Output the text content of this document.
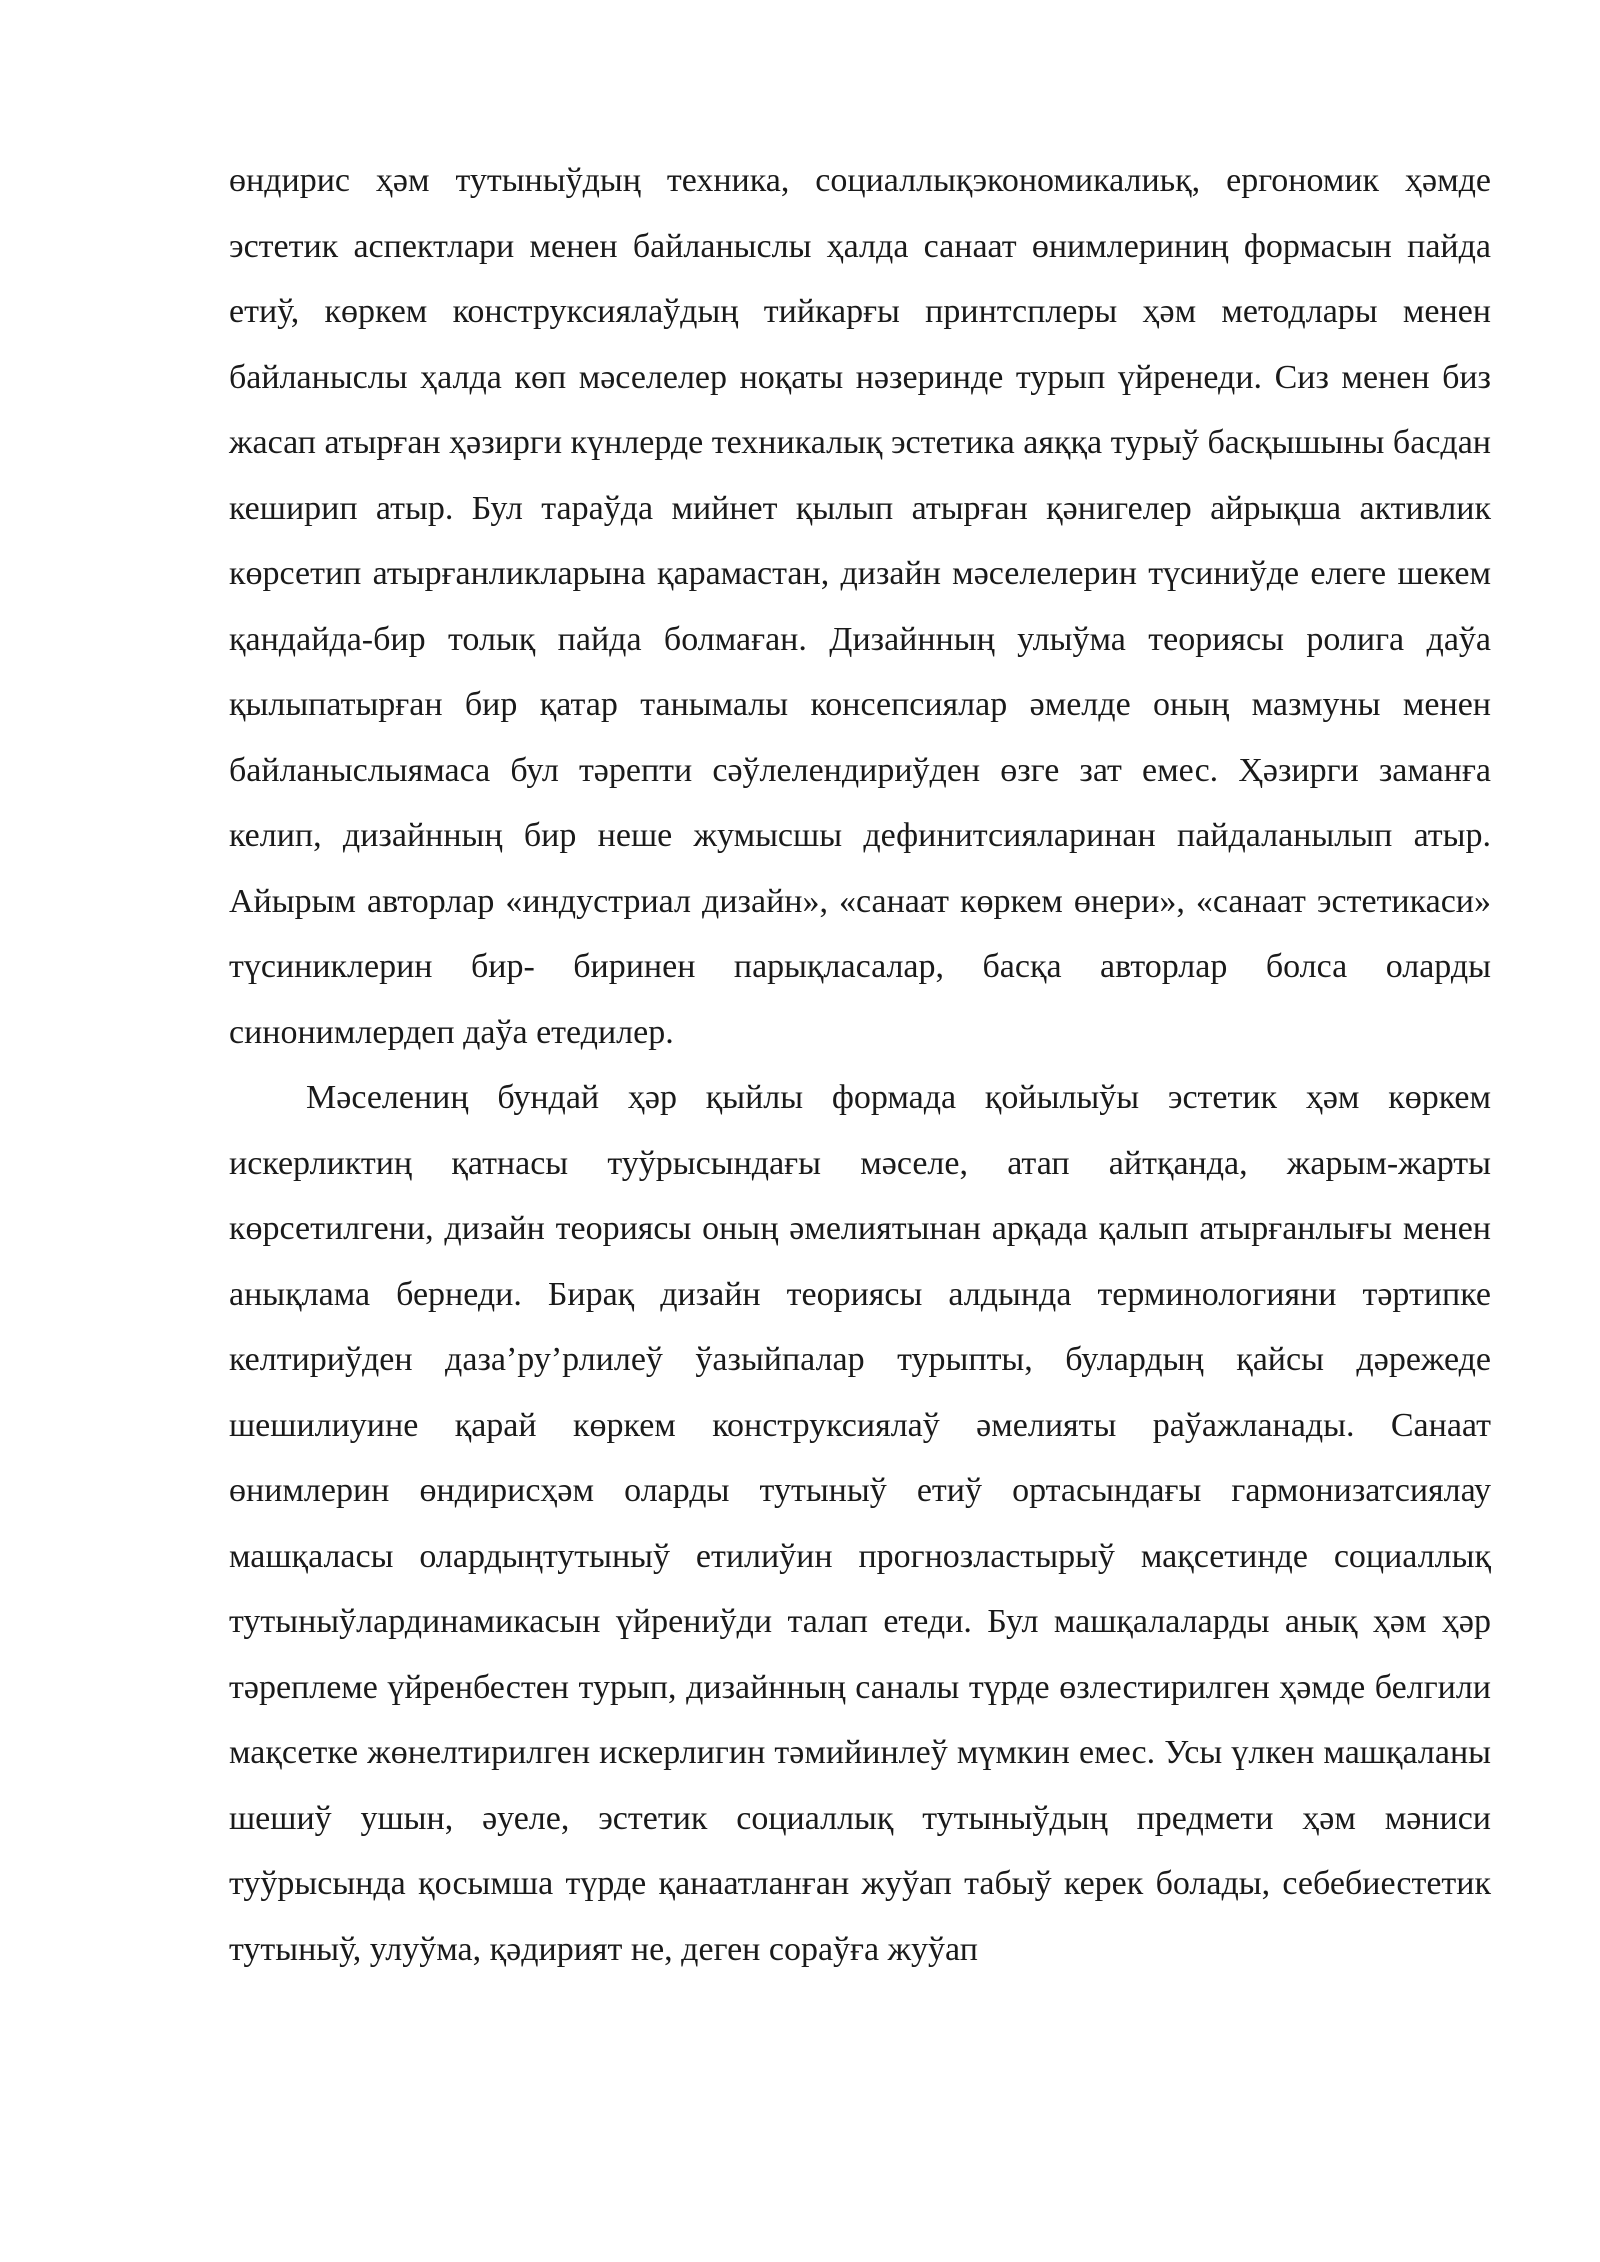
өндирис ҳәм тутыныўдың техника, социаллықэкономикалиьқ, ергономик ҳәмде эстетик аспектлари менен байланыслы ҳалда санаат өнимлериниң формасын пайда етиў, көркем конструксиялаўдың тийкарғы принтсплеры ҳәм методлары менен байланыслы ҳалда көп мәселелер ноқаты нәзеринде турып үйренеди. Сиз менен биз жасап атырған ҳәзирги күнлерде техникалық эстетика аяққа турыў басқышыны басдан кеширип атыр. Бул тараўда мийнет қылып атырған қәнигелер айрықша активлик көрсетип атырғанликларына қарамастан, дизайн мәселелерин түсиниўде елеге шекем қандайда-бир толық пайда болмаған. Дизайнның улыўма теориясы ролига даўа қылыпатырған бир қатар танымалы консепсиялар әмелде оның мазмуны менен байланыслыямаса бул тәрепти сәўлелендириўден өзге зат емес. Ҳәзирги заманға келип, дизайнның бир неше жумысшы дефинитсияларинан пайдаланылып атыр. Айырым авторлар «индустриал дизайн», «санаат көркем өнери», «санаат эстетикаси» түсиниклерин бир- биринен парықласалар, басқа авторлар болса оларды синонимлердеп даўа етедилер.

Мәселениң бундай ҳәр қыйлы формада қойылыўы эстетик ҳәм көркем искерликтиң қатнасы туўрысындағы мәселе, атап айтқанда, жарым-жарты көрсетилгени, дизайн теориясы оның әмелиятынан арқада қалып атырғанлығы менен анықлама бернеди. Бирақ дизайн теориясы алдында терминологияни тәртипке келтириўден даза’ру’рлилеў ўазыйпалар турыпты, булардың қайсы дәрежеде шешилиуине қарай көркем конструксиялаў әмелияты раўажланады. Санаат өнимлерин өндирисҳәм оларды тутыныў етиў ортасындағы гармонизатсиялау машқаласы олардыңтутыныў етилиўин прогнозластырыў мақсетинде социаллық тутыныўлардинамикасын үйрениўди талап етеди. Бул машқалаларды анық ҳәм ҳәр тәреплеме үйренбестен турып, дизайнның саналы түрде өзлестирилген ҳәмде белгили мақсетке жөнелтирилген искерлигин тәмийинлеў мүмкин емес. Усы үлкен машқаланы шешиў ушын, әуеле, эстетик социаллық тутыныўдың предмети ҳәм мәниси туўрысында қосымша түрде қанаатланған жуўап табыў керек болады, себебиестетик тутыныў, улуўма, қәдирият не, деген сораўға жуўап
